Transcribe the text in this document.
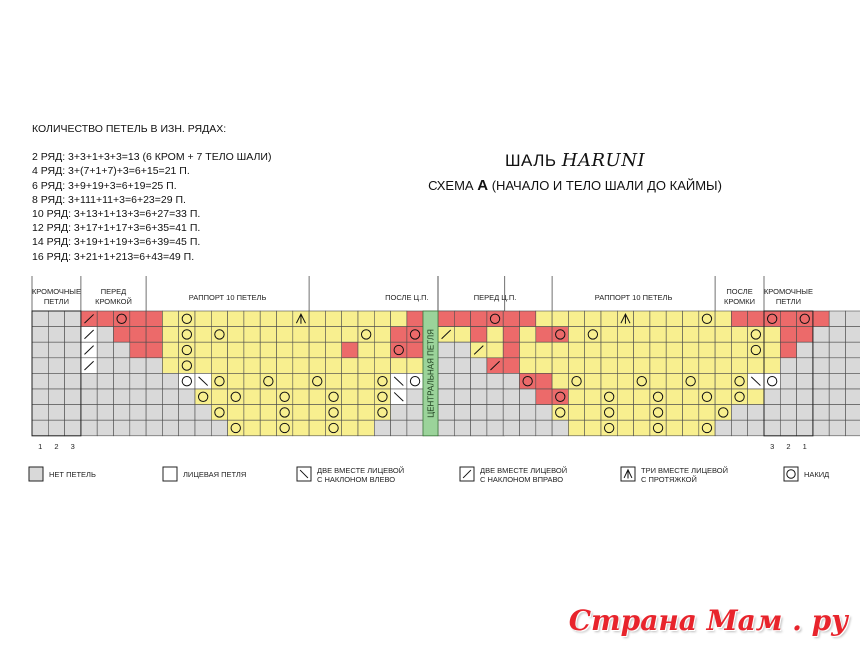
КОЛИЧЕСТВО ПЕТЕЛЬ В ИЗН. РЯДАХ:
2 РЯД: 3+3+1+3+3=13 (6 КРОМ + 7 ТЕЛО ШАЛИ)
4 РЯД: 3+(7+1+7)+3=6+15=21 П.
6 РЯД: 3+9+19+3=6+19=25 П.
8 РЯД: 3+111+11+3=6+23=29 П.
10 РЯД: 3+13+1+13+3=6+27=33 П.
12 РЯД: 3+17+1+17+3=6+35=41 П.
14 РЯД: 3+19+1+19+3=6+39=45 П.
16 РЯД: 3+21+1+213=6+43=49 П.
ШАЛЬ HARUNI
СХЕМА А (НАЧАЛО И ТЕЛО ШАЛИ ДО КАЙМЫ)
КРОМОЧНЫЕ
ПЕТЛИ
ПЕРЕД
КРОМКОЙ	РАППОРТ 10 ПЕТЕЛЬ	ПОСЛЕ Ц.П.	ПЕРЕД Ц.П.	РАППОРТ 10 ПЕТЕЛЬ
ПОСЛЕ
КРОМКИ
КРОМОЧНЫЕ
ПЕТЛИ
ЦЕНТРАЛЬНАЯ ПЕТЛЯ
1 2 3	3 2 1
НЕТ ПЕТЕЛЬ	ЛИЦЕВАЯ ПЕТЛЯ	ДВЕ ВМЕСТЕ ЛИЦЕВОЙ
С НАКЛОНОМ ВЛЕВО
ДВЕ ВМЕСТЕ ЛИЦЕВОЙ
С НАКЛОНОМ ВПРАВО
ТРИ ВМЕСТЕ ЛИЦЕВОЙ
С ПРОТЯЖКОЙ
НАКИД
Страна Мам . ру
